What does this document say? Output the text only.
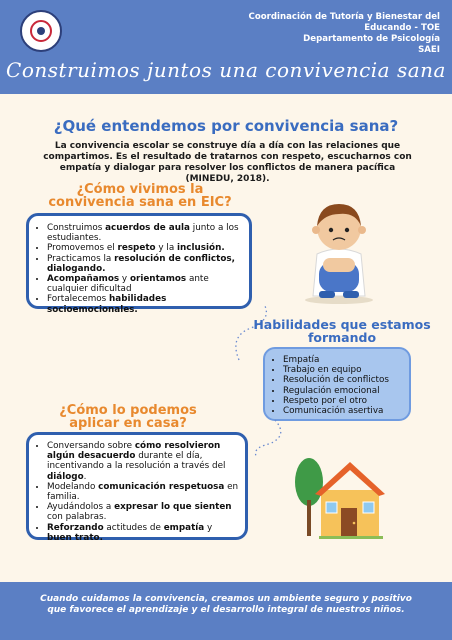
Coordinación de Tutoría y Bienestar del
Educando - TOE
Departamento de Psicología
SAEI
Construimos juntos una convivencia sana
¿Qué entendemos por convivencia sana?
La convivencia escolar se construye día a día con las relaciones que compartimos. Es el resultado de tratarnos con respeto, escucharnos con empatía y dialogar para resolver los conflictos de manera pacífica (MINEDU, 2018).
¿Cómo vivimos la
convivencia sana en EIC?
• Construimos acuerdos de aula junto a los estudiantes.
• Promovemos el respeto y la inclusión.
• Practicamos la resolución de conflictos, dialogando.
• Acompañamos y orientamos ante cualquier dificultad
• Fortalecemos habilidades socioemocionales.
Habilidades que estamos
formando
• Empatía
• Trabajo en equipo
• Resolución de conflictos
• Regulación emocional
• Respeto por el otro
• Comunicación asertiva
¿Cómo lo podemos
aplicar en casa?
• Conversando sobre cómo resolvieron algún desacuerdo durante el día, incentivando a la resolución a través del diálogo.
• Modelando comunicación respetuosa en familia.
• Ayudándolos a expresar lo que sienten con palabras.
• Reforzando actitudes de empatía y buen trato.
Cuando cuidamos la convivencia, creamos un ambiente seguro y positivo que favorece el aprendizaje y el desarrollo integral de nuestros niños.
